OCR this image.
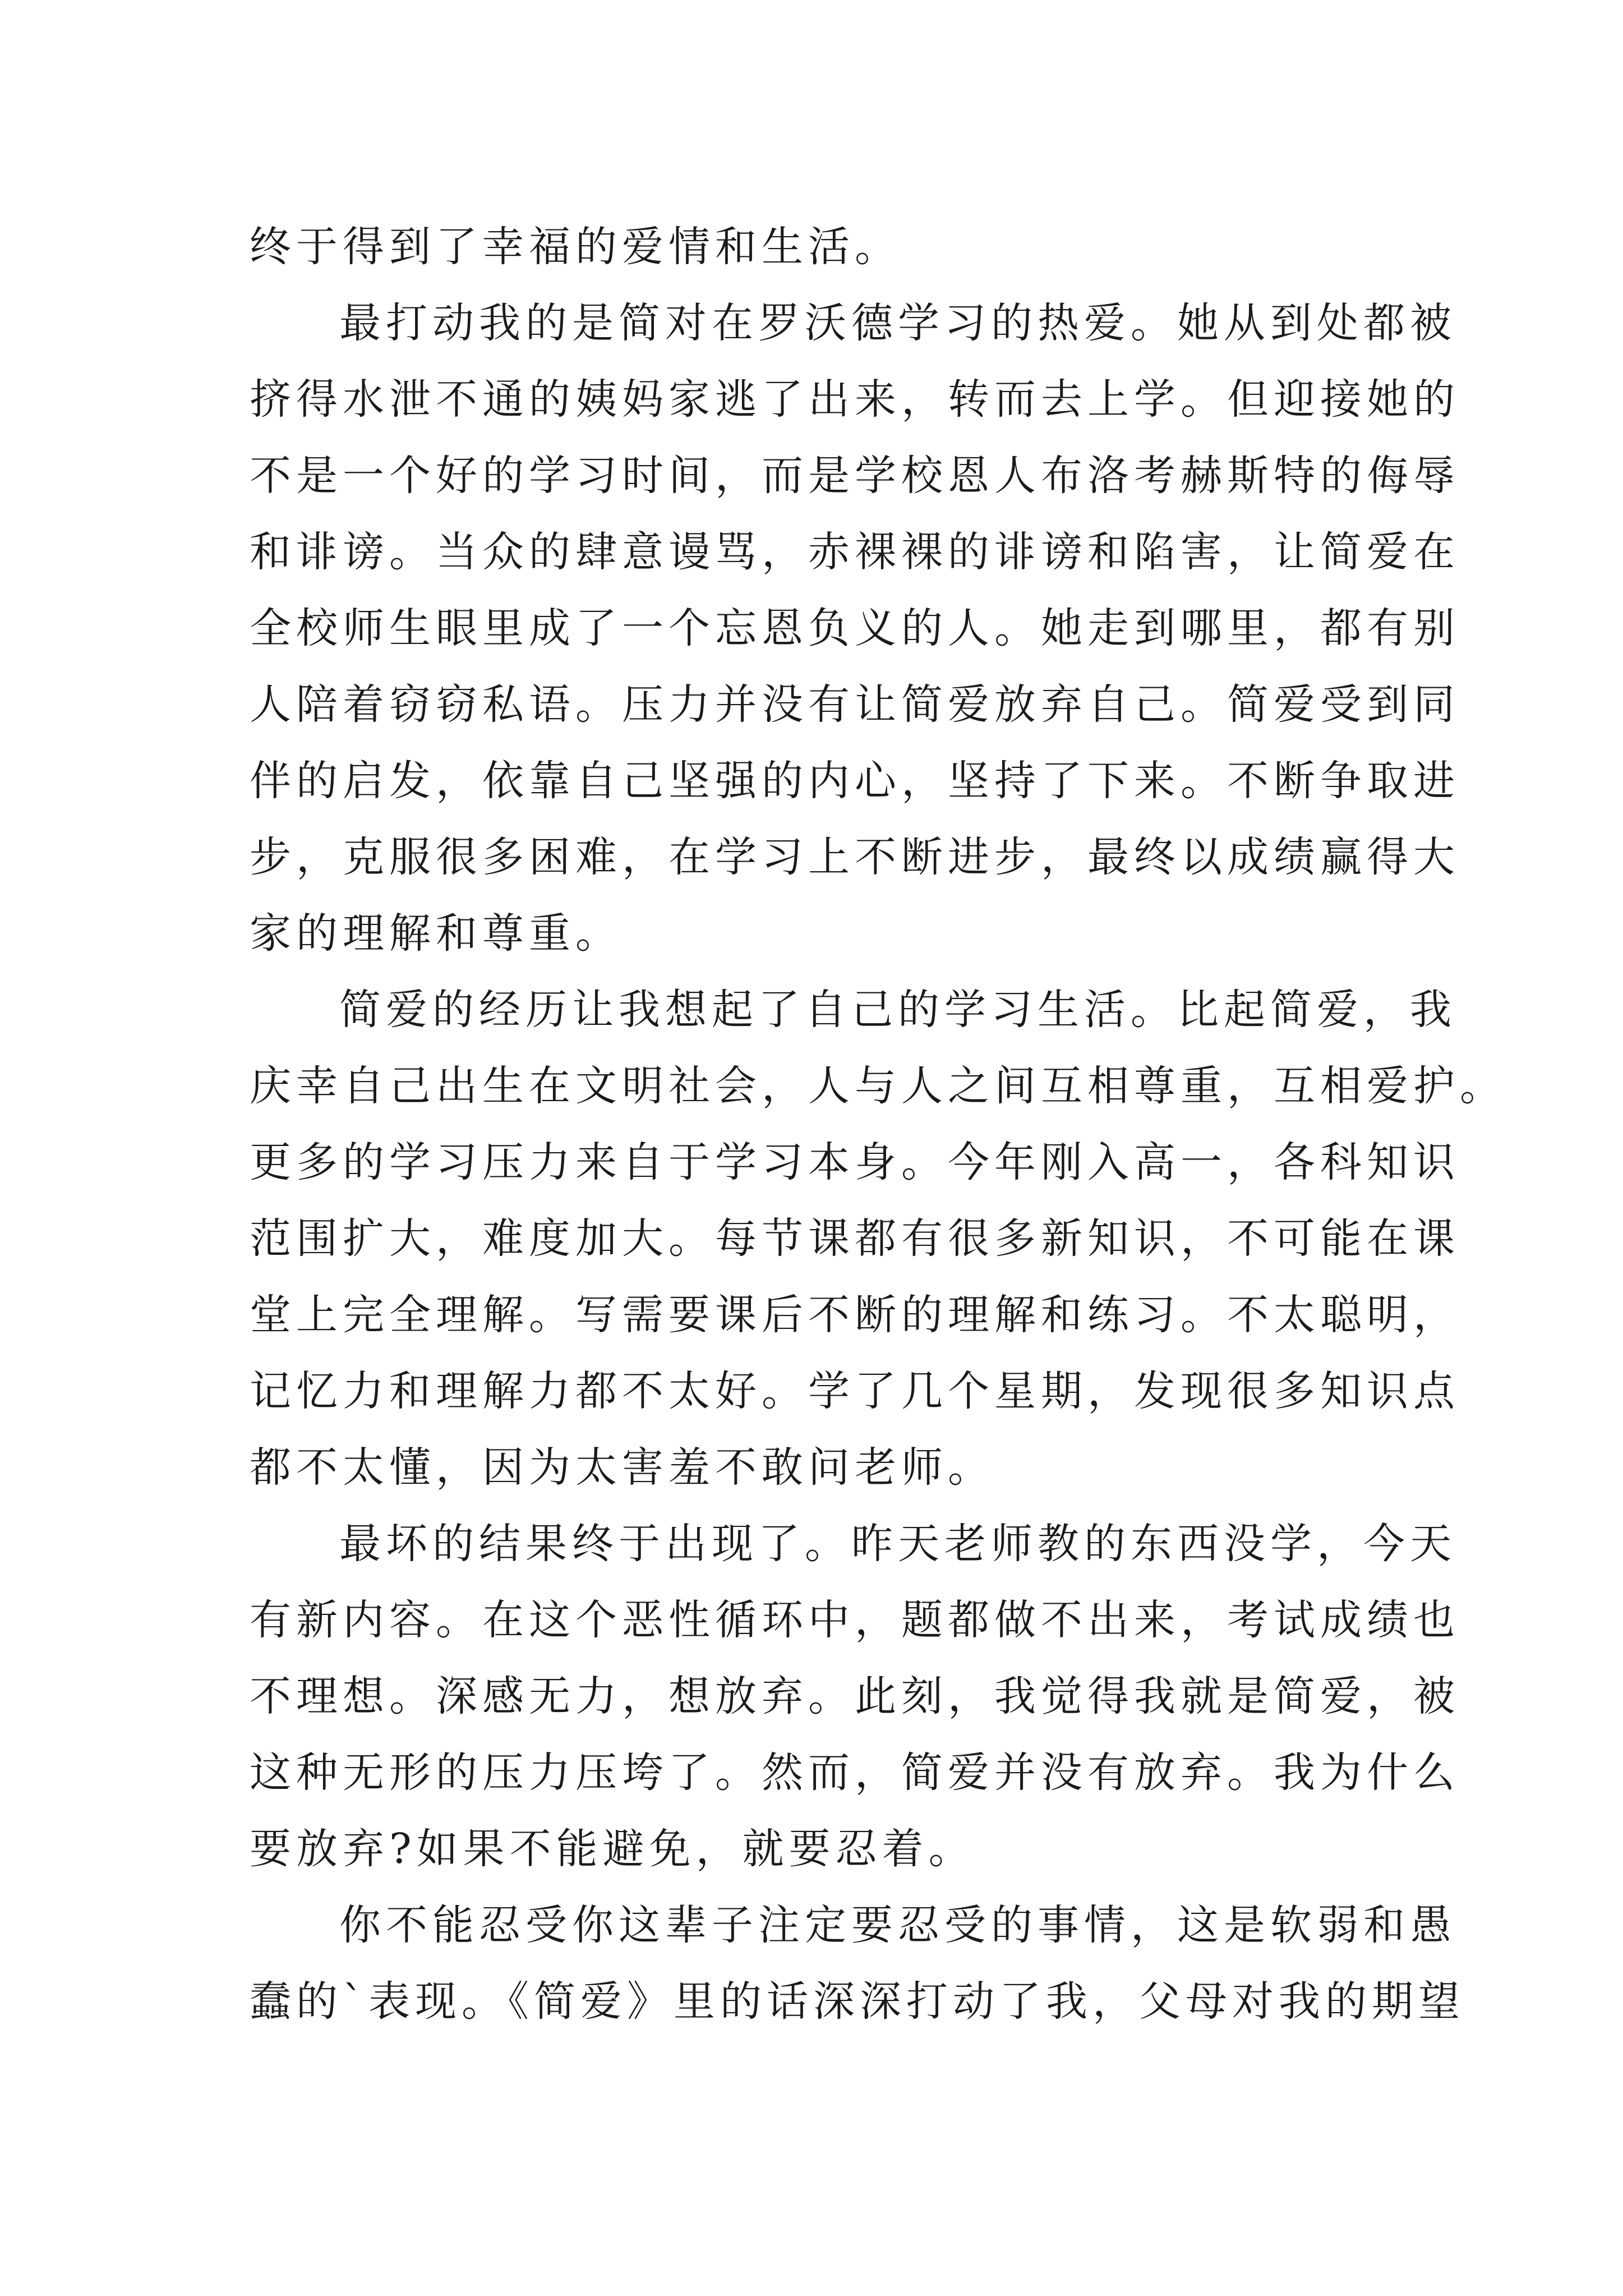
终于得到了幸福的爱情和生活。
最打动我的是简对在罗沃德学习的热爱。她从到处都被
挤得水泄不通的姨妈家逃了出来，转而去上学。但迎接她的
不是一个好的学习时间，而是学校恩人布洛考赫斯特的侮辱
和诽谤。当众的肆意谩骂，赤裸裸的诽谤和陷害，让简爱在
全校师生眼里成了一个忘恩负义的人。她走到哪里，都有别
人陪着窃窃私语。压力并没有让简爱放弃自己。简爱受到同
伴的启发，依靠自己坚强的内心，坚持了下来。不断争取进
步，克服很多困难，在学习上不断进步，最终以成绩赢得大
家的理解和尊重。
简爱的经历让我想起了自己的学习生活。比起简爱，我
庆幸自己出生在文明社会，人与人之间互相尊重，互相爱护。
更多的学习压力来自于学习本身。今年刚入高一，各科知识
范围扩大，难度加大。每节课都有很多新知识，不可能在课
堂上完全理解。写需要课后不断的理解和练习。不太聪明，
记忆力和理解力都不太好。学了几个星期，发现很多知识点
都不太懂，因为太害羞不敢问老师。
最坏的结果终于出现了。昨天老师教的东西没学，今天
有新内容。在这个恶性循环中，题都做不出来，考试成绩也
不理想。深感无力，想放弃。此刻，我觉得我就是简爱，被
这种无形的压力压垮了。然而，简爱并没有放弃。我为什么
要放弃?如果不能避免，就要忍着。
你不能忍受你这辈子注定要忍受的事情，这是软弱和愚
蠢的`表现。《简爱》里的话深深打动了我，父母对我的期望
